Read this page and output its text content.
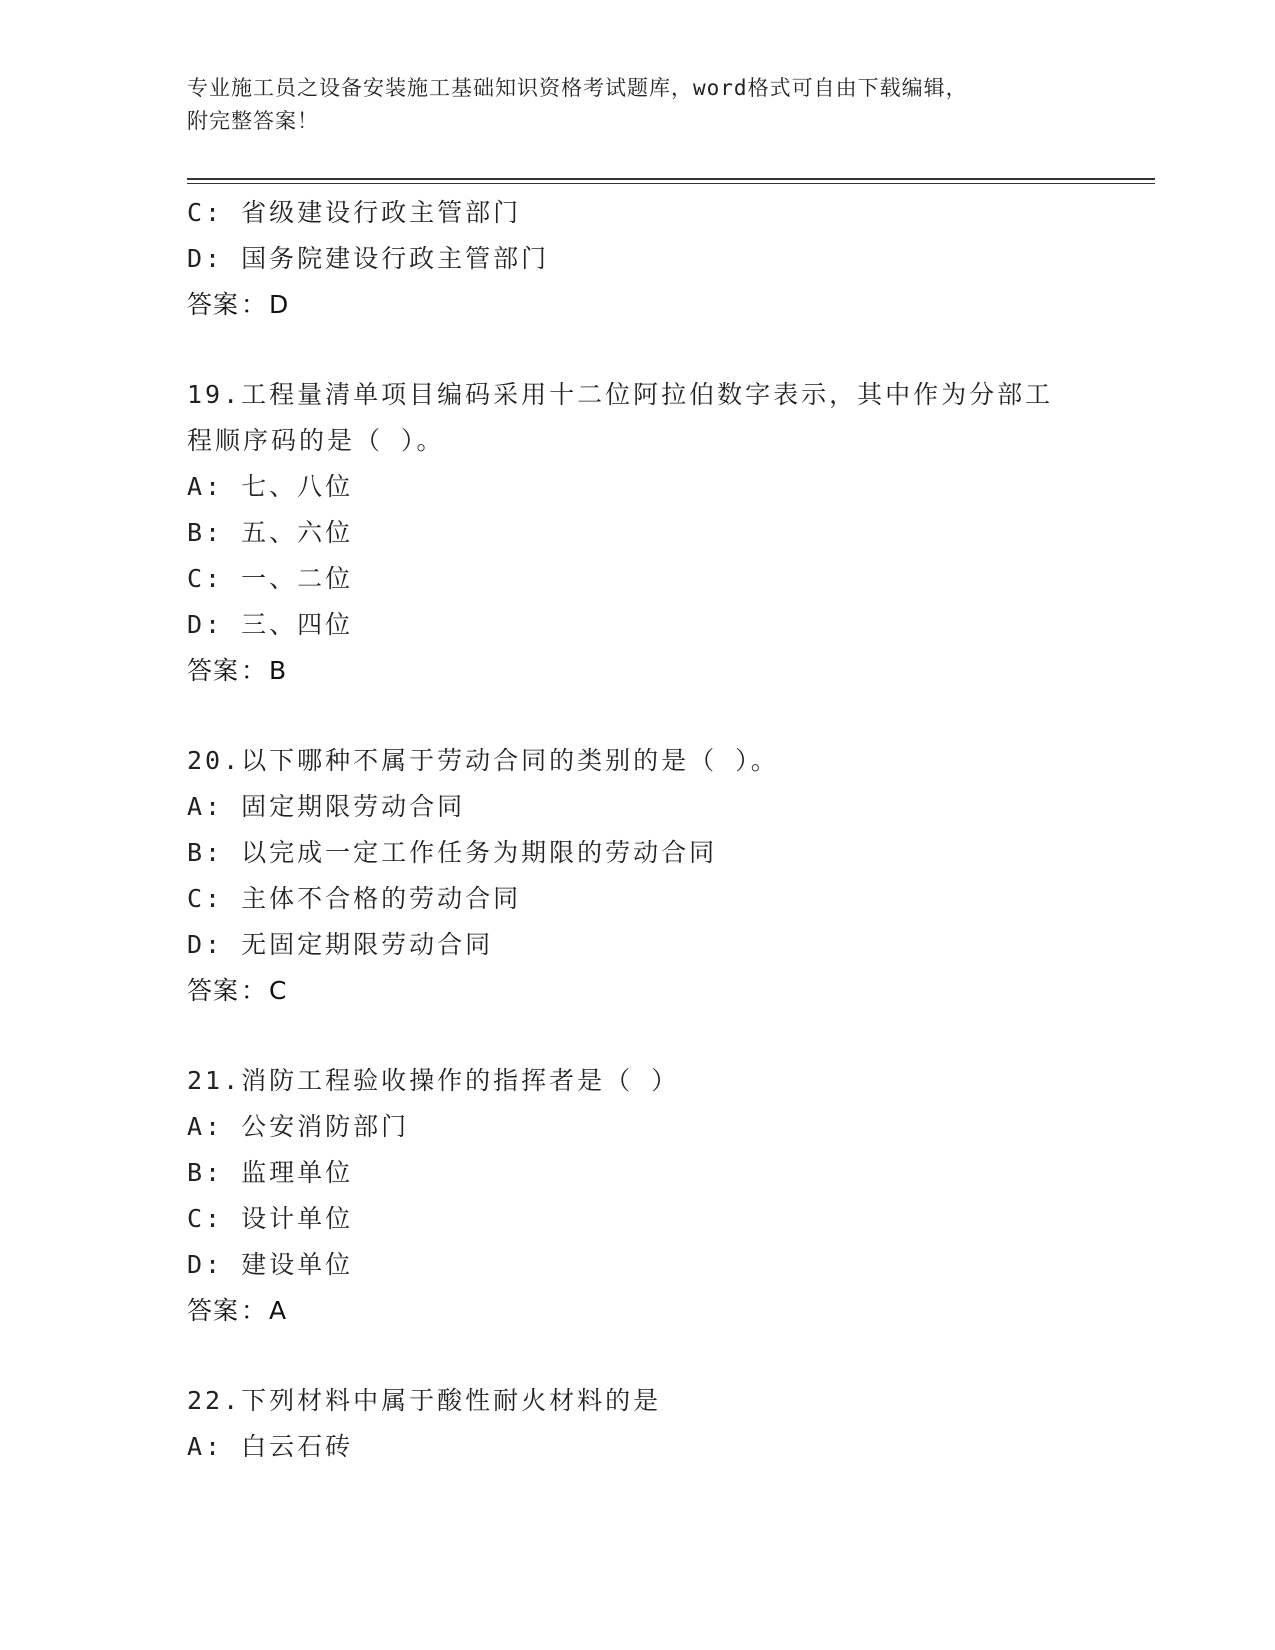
专业施工员之设备安装施工基础知识资格考试题库，word格式可自由下载编辑，
附完整答案！
C: 省级建设行政主管部门
D: 国务院建设行政主管部门
答案：D
19.工程量清单项目编码采用十二位阿拉伯数字表示，其中作为分部工
程顺序码的是（ ）。
A: 七、八位
B: 五、六位
C: 一、二位
D: 三、四位
答案：B
20.以下哪种不属于劳动合同的类别的是（ ）。
A: 固定期限劳动合同
B: 以完成一定工作任务为期限的劳动合同
C: 主体不合格的劳动合同
D: 无固定期限劳动合同
答案：C
21.消防工程验收操作的指挥者是（ ）
A: 公安消防部门
B: 监理单位
C: 设计单位
D: 建设单位
答案：A
22.下列材料中属于酸性耐火材料的是
A: 白云石砖
